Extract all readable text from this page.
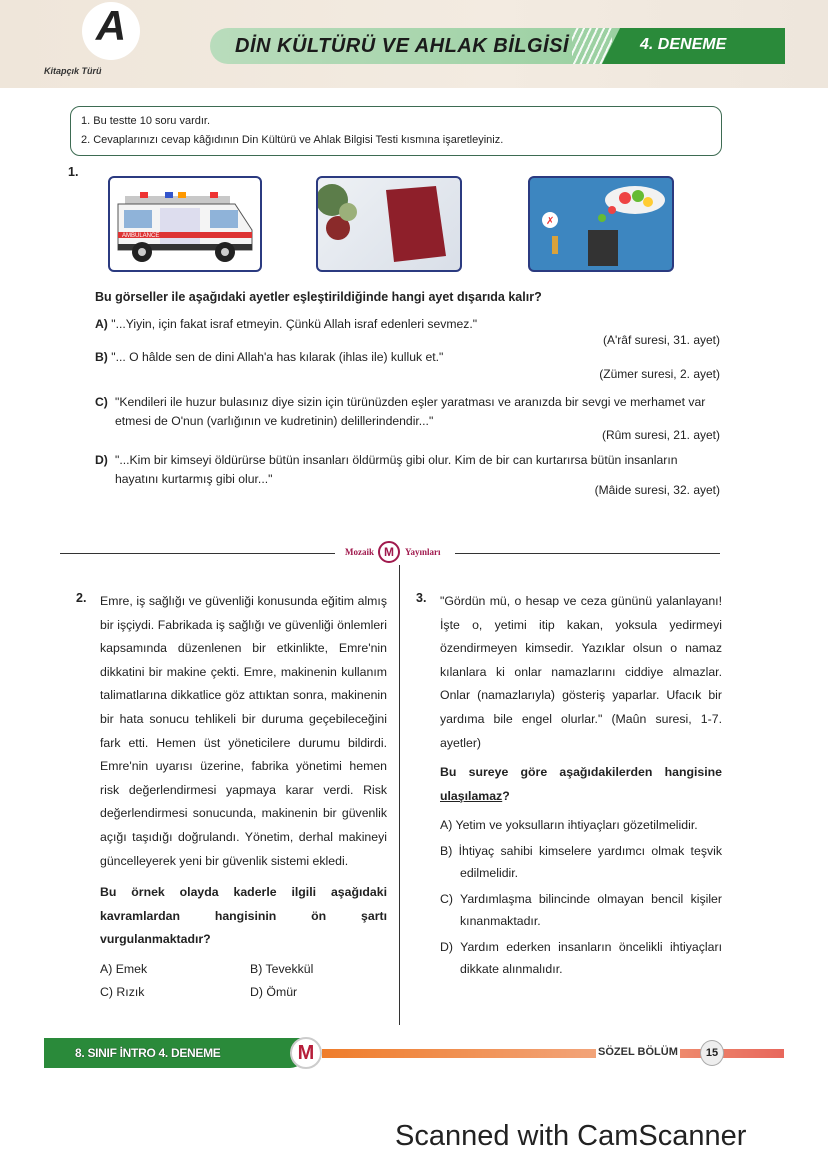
A
Kitapçık Türü
DİN KÜLTÜRÜ VE AHLAK BİLGİSİ	4. DENEME
1. Bu testte 10 soru vardır.
2. Cevaplarınızı cevap kâğıdının Din Kültürü ve Ahlak Bilgisi Testi kısmına işaretleyiniz.
1.
AMBULANCE
✗
Bu görseller ile aşağıdaki ayetler eşleştirildiğinde hangi ayet dışarıda kalır?
A) "...Yiyin, için fakat israf etmeyin. Çünkü Allah israf edenleri sevmez."
(A'râf suresi, 31. ayet)
B) "... O hâlde sen de dini Allah'a has kılarak (ihlas ile) kulluk et."
(Zümer suresi, 2. ayet)
C) "Kendileri ile huzur bulasınız diye sizin için türünüzden eşler yaratması ve aranızda bir sevgi ve merhamet var etmesi de O'nun (varlığının ve kudretinin) delillerindendir..."
(Rûm suresi, 21. ayet)
D) "...Kim bir kimseyi öldürürse bütün insanları öldürmüş gibi olur. Kim de bir can kurtarırsa bütün insanların hayatını kurtarmış gibi olur..."
(Mâide suresi, 32. ayet)
Mozaik M	Yayınları
2. Emre, iş sağlığı ve güvenliği konusunda eğitim almış bir işçiydi. Fabrikada iş sağlığı ve güvenliği önlemleri kapsamında düzenlenen bir etkinlikte, Emre'nin dikkatini bir makine çekti. Emre, makinenin kullanım talimatlarına dikkatlice göz attıktan sonra, makinenin bir hata sonucu tehlikeli bir duruma geçebileceğini fark etti. Hemen üst yöneticilere durumu bildirdi. Emre'nin uyarısı üzerine, fabrika yönetimi hemen risk değerlendirmesi yapmaya karar verdi. Risk değerlendirmesi sonucunda, makinenin bir güvenlik açığı taşıdığı doğrulandı. Yönetim, derhal makineyi güncelleyerek yeni bir güvenlik sistemi ekledi.
Bu örnek olayda kaderle ilgili aşağıdaki kavramlardan hangisinin ön şartı vurgulanmaktadır?
A) Emek	B) Tevekkül
C) Rızık	D) Ömür
3. "Gördün mü, o hesap ve ceza gününü yalanlayanı! İşte o, yetimi itip kakan, yoksula yedirmeyi özendirmeyen kimsedir. Yazıklar olsun o namaz kılanlara ki onlar namazlarını ciddiye almazlar. Onlar (namazlarıyla) gösteriş yaparlar. Ufacık bir yardıma bile engel olurlar." (Maûn suresi, 1-7. ayetler)
Bu sureye göre aşağıdakilerden hangisine ulaşılamaz?
A) Yetim ve yoksulların ihtiyaçları gözetilmelidir.
B) İhtiyaç sahibi kimselere yardımcı olmak teşvik edilmelidir.
C) Yardımlaşma bilincinde olmayan bencil kişiler kınanmaktadır.
D) Yardım ederken insanların öncelikli ihtiyaçları dikkate alınmalıdır.
8. SINIF İNTRO 4. DENEME	M	SÖZEL BÖLÜM	15
Scanned with CamScanner
